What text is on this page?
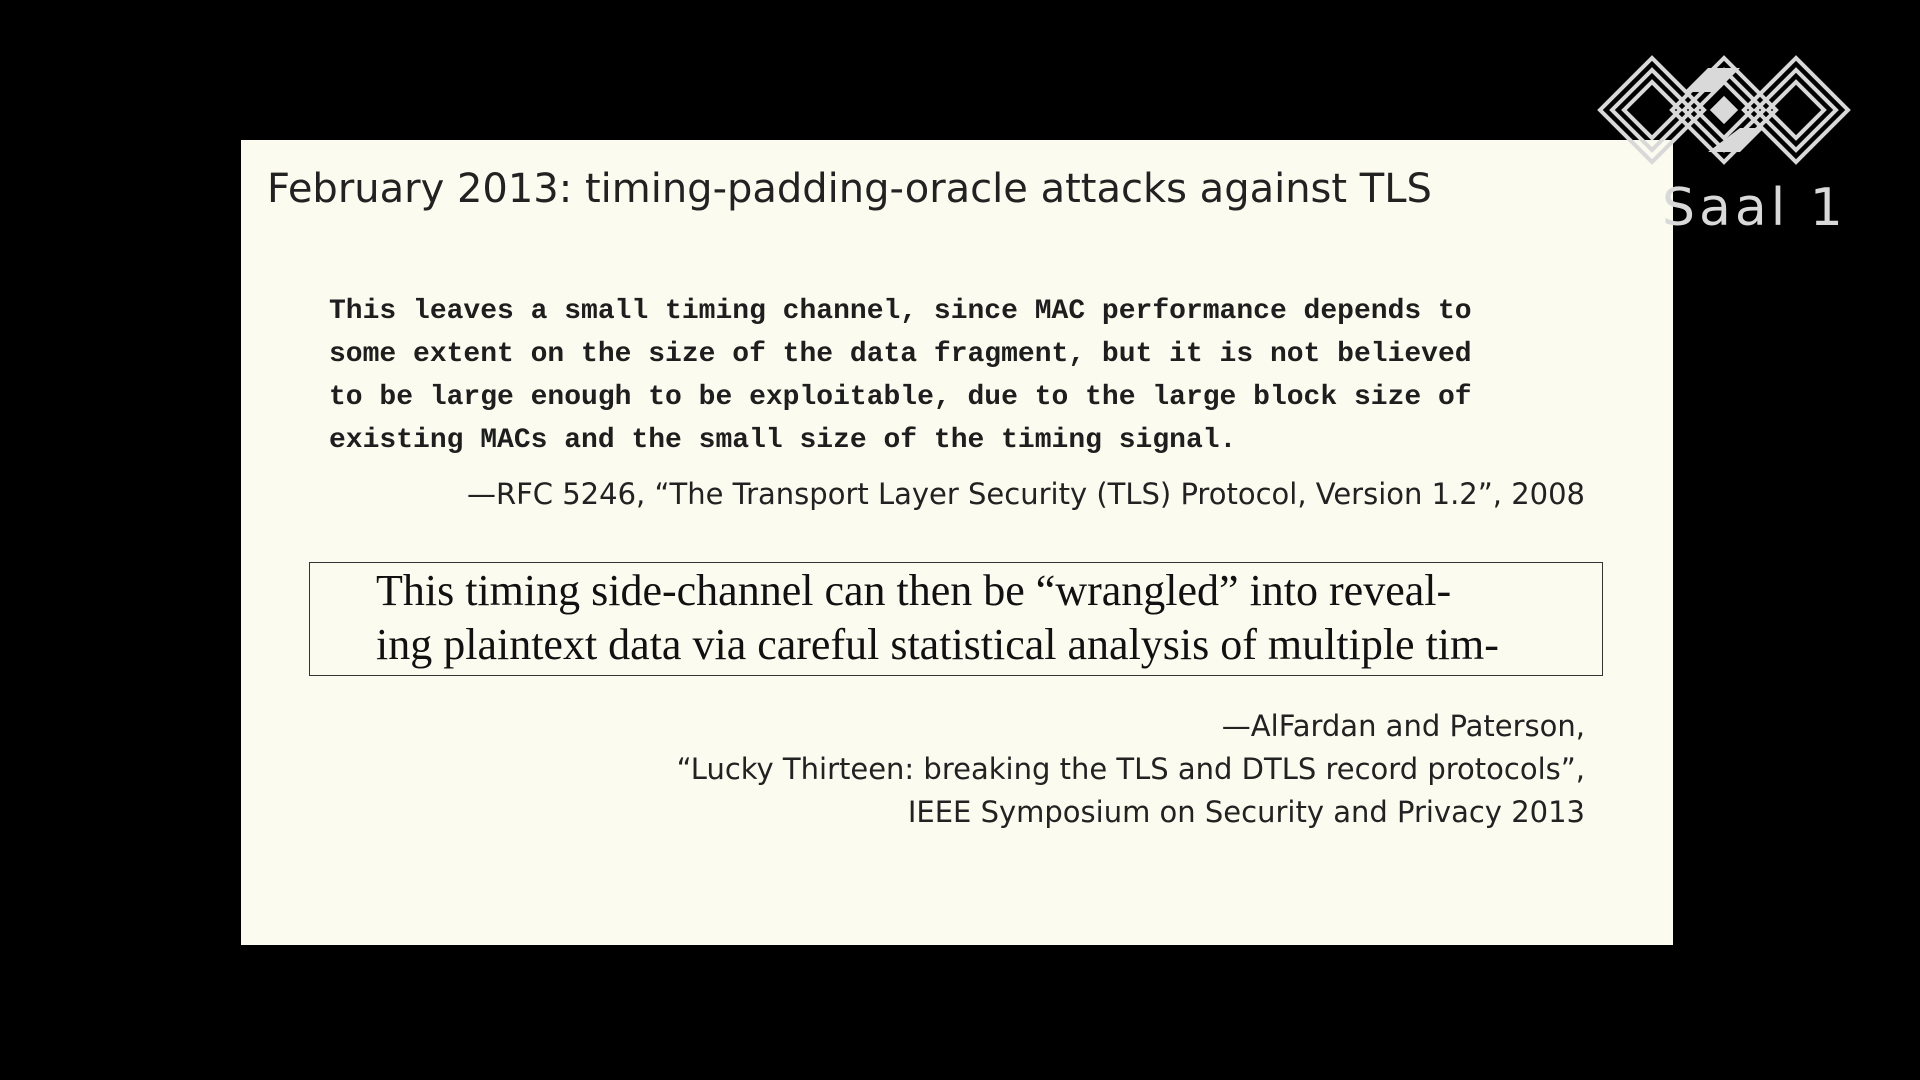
February 2013: timing-padding-oracle attacks against TLS
This leaves a small timing channel, since MAC performance depends to
some extent on the size of the data fragment, but it is not believed
to be large enough to be exploitable, due to the large block size of
existing MACs and the small size of the timing signal.
—RFC 5246, “The Transport Layer Security (TLS) Protocol, Version 1.2”, 2008
This timing side-channel can then be “wrangled” into reveal-
ing plaintext data via careful statistical analysis of multiple tim-
—AlFardan and Paterson,
“Lucky Thirteen: breaking the TLS and DTLS record protocols”,
IEEE Symposium on Security and Privacy 2013
Saal 1
